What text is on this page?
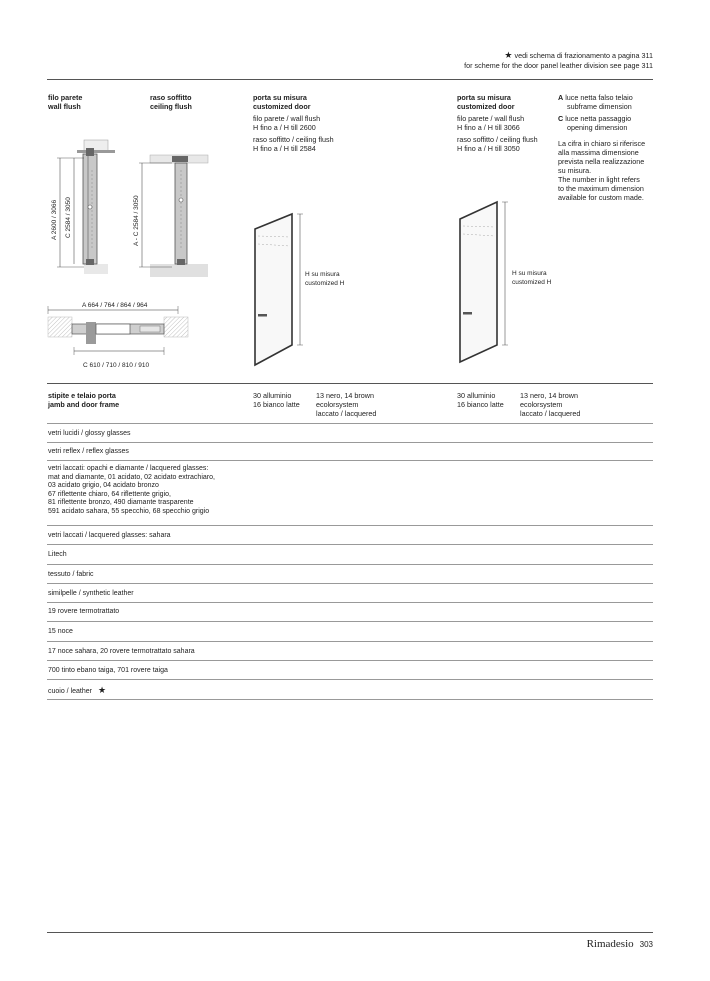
★ vedi schema di frazionamento a pagina 311
for scheme for the door panel leather division see page 311
filo parete
wall flush
raso soffitto
ceiling flush
porta su misura
customized door
filo parete / wall flush
H fino a / H till 2600
raso soffitto / ceiling flush
H fino a / H till 2584
porta su misura
customized door
filo parete / wall flush
H fino a / H till 3066
raso soffitto / ceiling flush
H fino a / H till 3050
A luce netta falso telaio
subframe dimension
C luce netta passaggio
opening dimension
La cifra in chiaro si riferisce
alla massima dimensione
prevista nella realizzazione
su misura.
The number in light refers
to the maximum dimension
available for custom made.
A 2600 / 3066 C 2584 / 3050	A - C 2584 / 3050
A 664 / 764 / 864 / 964
C 610 / 710 / 810 / 910
H su misura
customized H
H su misura
customized H
stipite e telaio porta
jamb and door frame
30 alluminio
16 bianco latte
13 nero, 14 brown
ecolorsystem
laccato / lacquered
30 alluminio
16 bianco latte
13 nero, 14 brown
ecolorsystem
laccato / lacquered
vetri lucidi / glossy glasses
vetri reflex / reflex glasses
vetri laccati: opachi e diamante / lacquered glasses:
mat and diamante, 01 acidato, 02 acidato extrachiaro,
03 acidato grigio, 04 acidato bronzo
67 riflettente chiaro, 64 riflettente grigio,
81 riflettente bronzo, 490 diamante trasparente
591 acidato sahara, 55 specchio, 68 specchio grigio
vetri laccati / lacquered glasses: sahara
Litech
tessuto / fabric
similpelle / synthetic leather
19 rovere termotrattato
15 noce
17 noce sahara, 20 rovere termotrattato sahara
700 tinto ebano taiga, 701 rovere taiga
cuoio / leather ★
Rimadesio 303
